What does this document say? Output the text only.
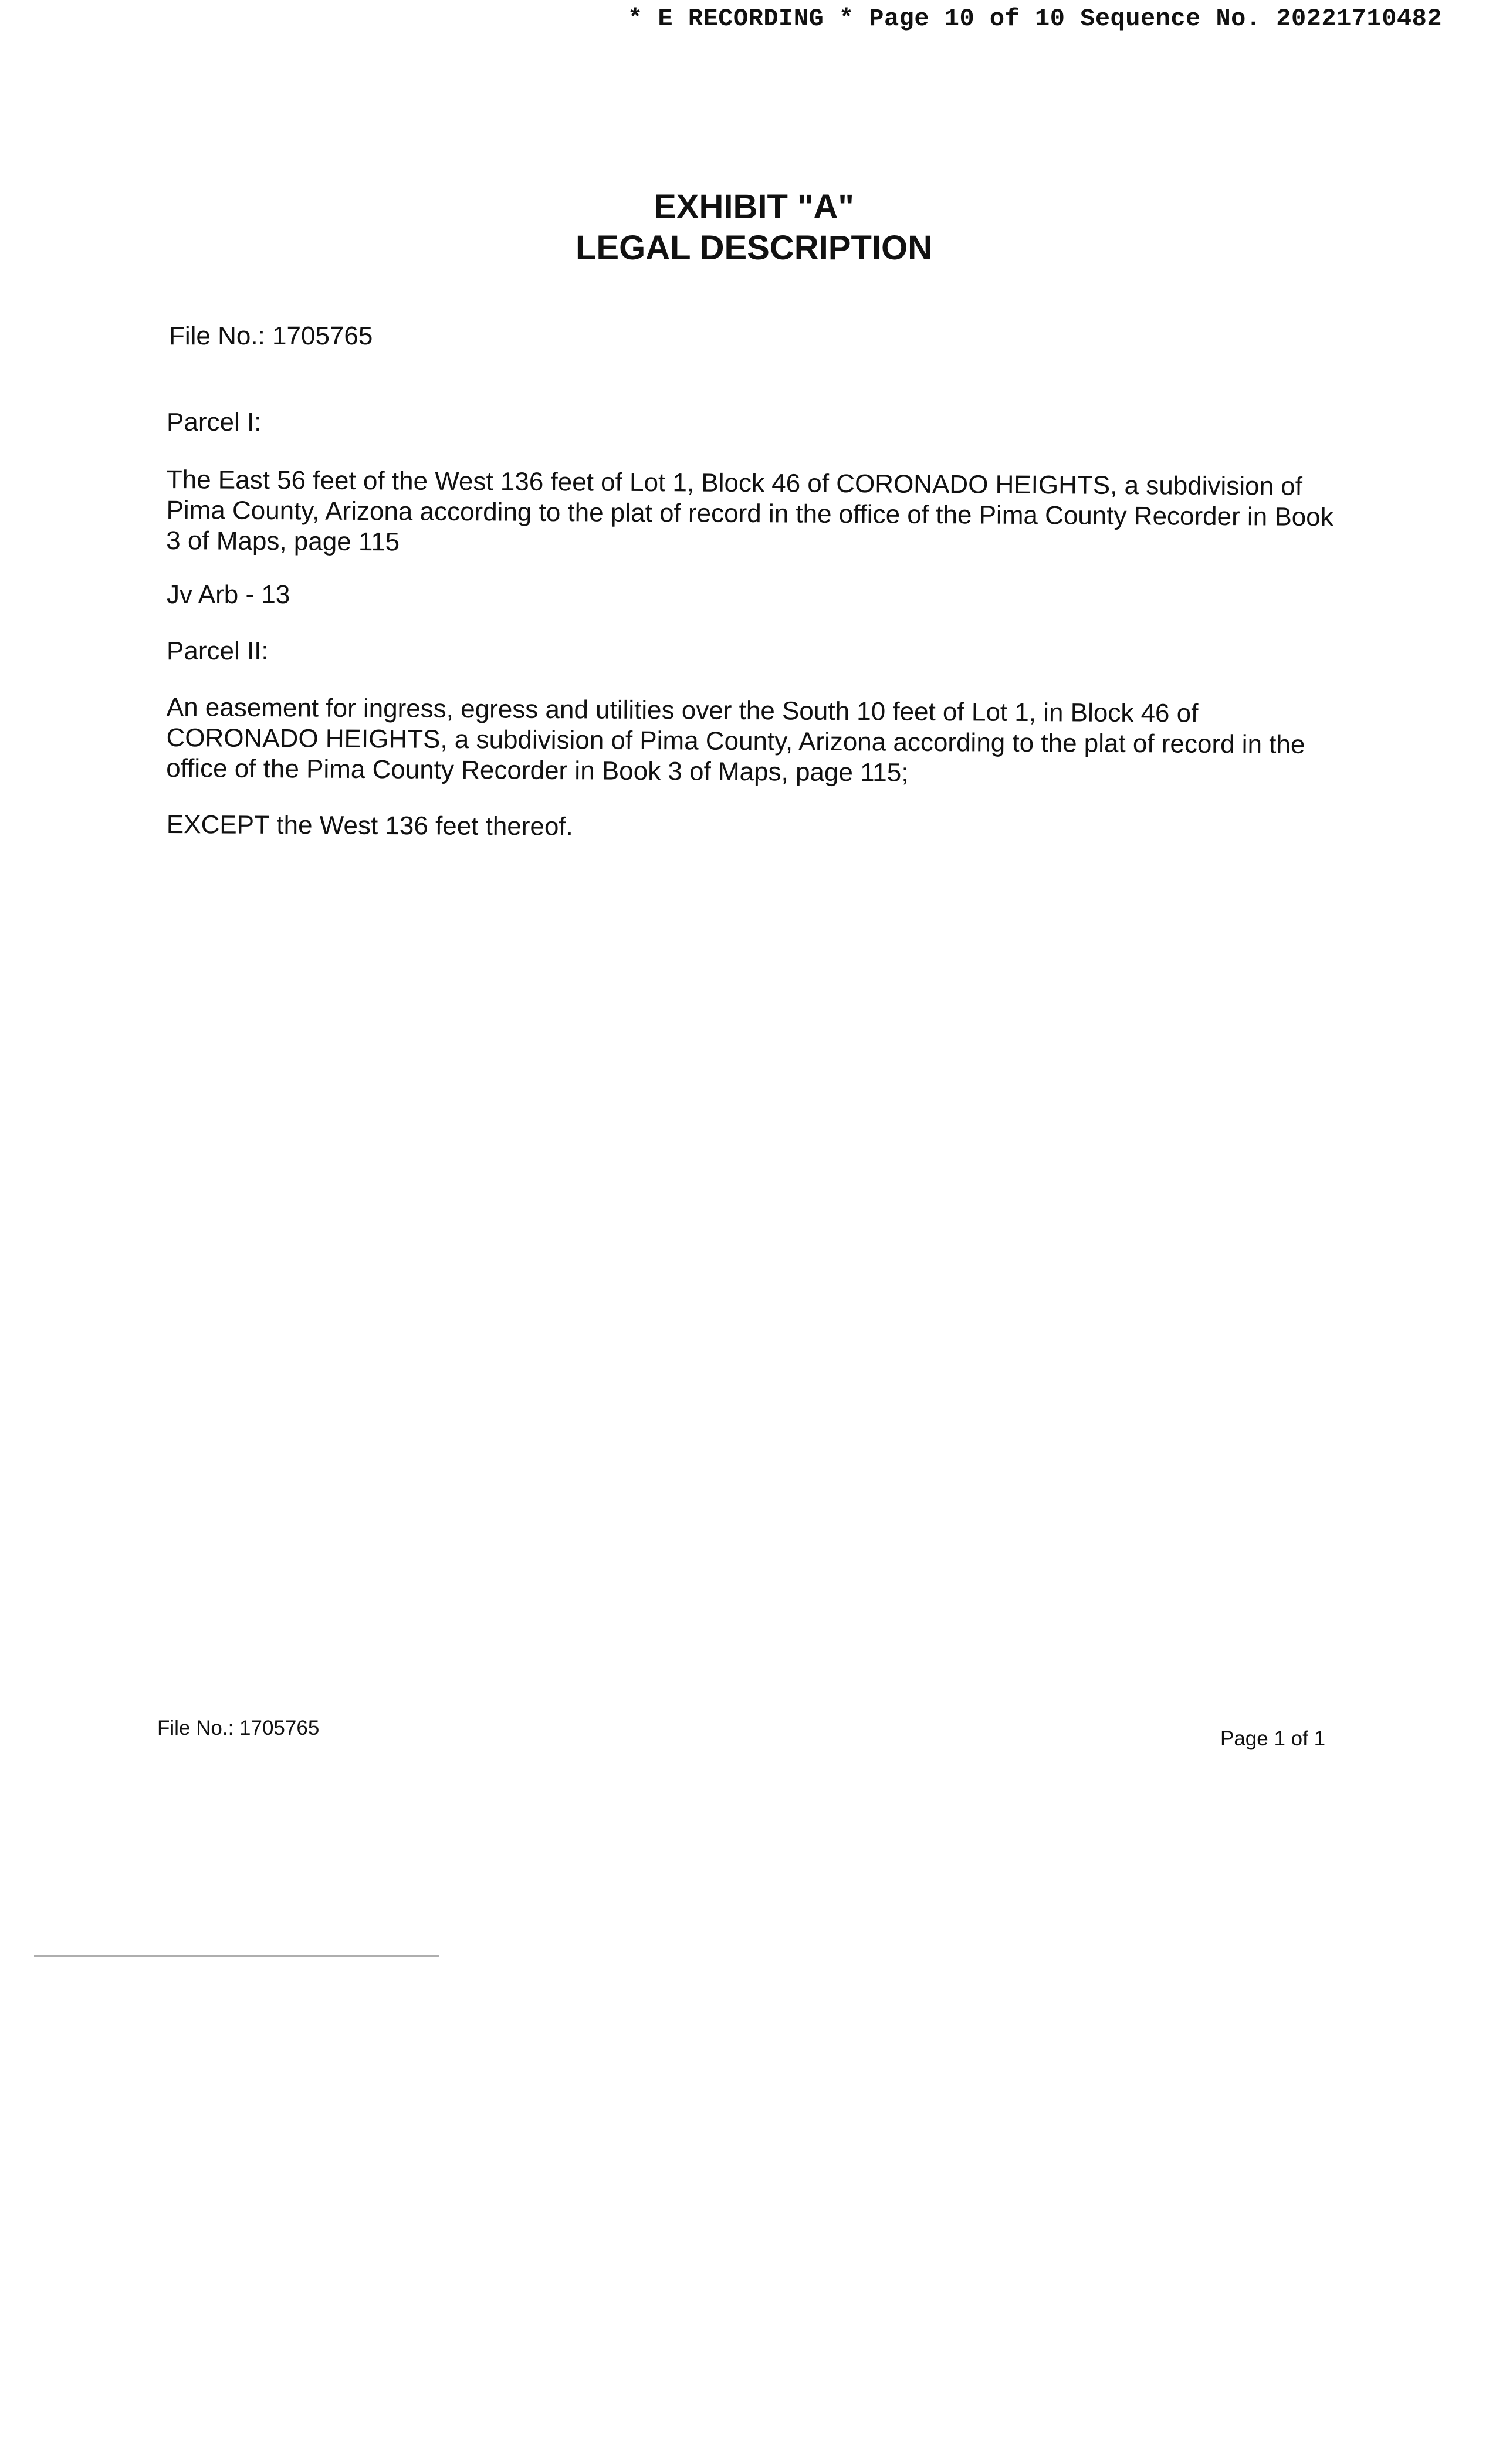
* E RECORDING * Page 10 of 10 Sequence No. 20221710482

EXHIBIT "A"

LEGAL DESCRIPTION

File No.: 1705765

Parcel I:

The East 56 feet of the West 136 feet of Lot 1, Block 46 of CORONADO HEIGHTS, a subdivision of Pima County, Arizona according to the plat of record in the office of the Pima County Recorder in Book 3 of Maps, page 115

Jv Arb - 13

Parcel II:

An easement for ingress, egress and utilities over the South 10 feet of Lot 1, in Block 46 of CORONADO HEIGHTS, a subdivision of Pima County, Arizona according to the plat of record in the office of the Pima County Recorder in Book 3 of Maps, page 115;

EXCEPT the West 136 feet thereof.

File No.: 1705765	Page 1 of 1
